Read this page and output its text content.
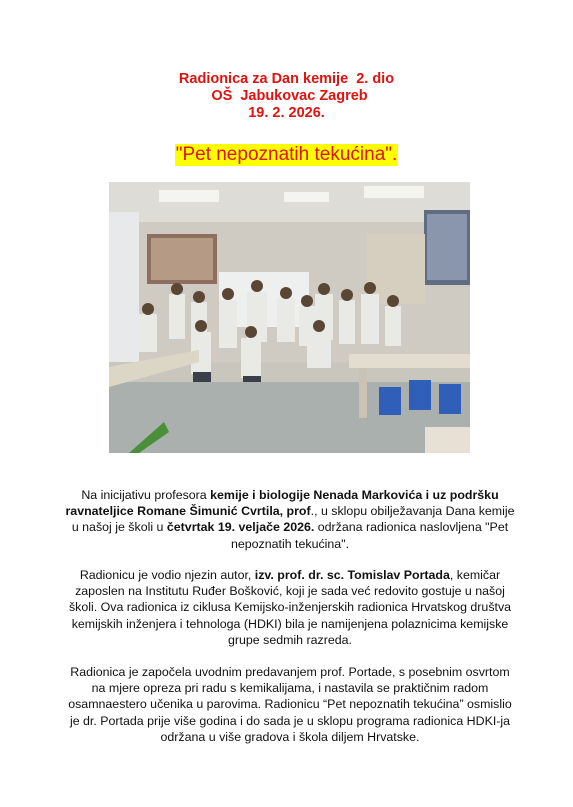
Radionica za Dan kemije  2. dio
OŠ  Jabukovac Zagreb
19. 2. 2026.
"Pet nepoznatih tekućina".
Na inicijativu profesora kemije i biologije Nenada Markovića i uz podršku ravnateljice Romane Šimunić Cvrtila, prof., u sklopu obilježavanja Dana kemije u našoj je školi u četvrtak 19. veljače 2026. održana radionica naslovljena "Pet nepoznatih tekućina".
Radionicu je vodio njezin autor, izv. prof. dr. sc. Tomislav Portada, kemičar zaposlen na Institutu Ruđer Bošković, koji je sada već redovito gostuje u našoj školi. Ova radionica iz ciklusa Kemijsko-inženjerskih radionica Hrvatskog društva kemijskih inženjera i tehnologa (HDKI) bila je namijenjena polaznicima kemijske grupe sedmih razreda.
Radionica je započela uvodnim predavanjem prof. Portade, s posebnim osvrtom na mjere opreza pri radu s kemikalijama, i nastavila se praktičnim radom osamnaestero učenika u parovima. Radionicu “Pet nepoznatih tekućina” osmislio je dr. Portada prije više godina i do sada je u sklopu programa radionica HDKI-ja održana u više gradova i škola diljem Hrvatske.
